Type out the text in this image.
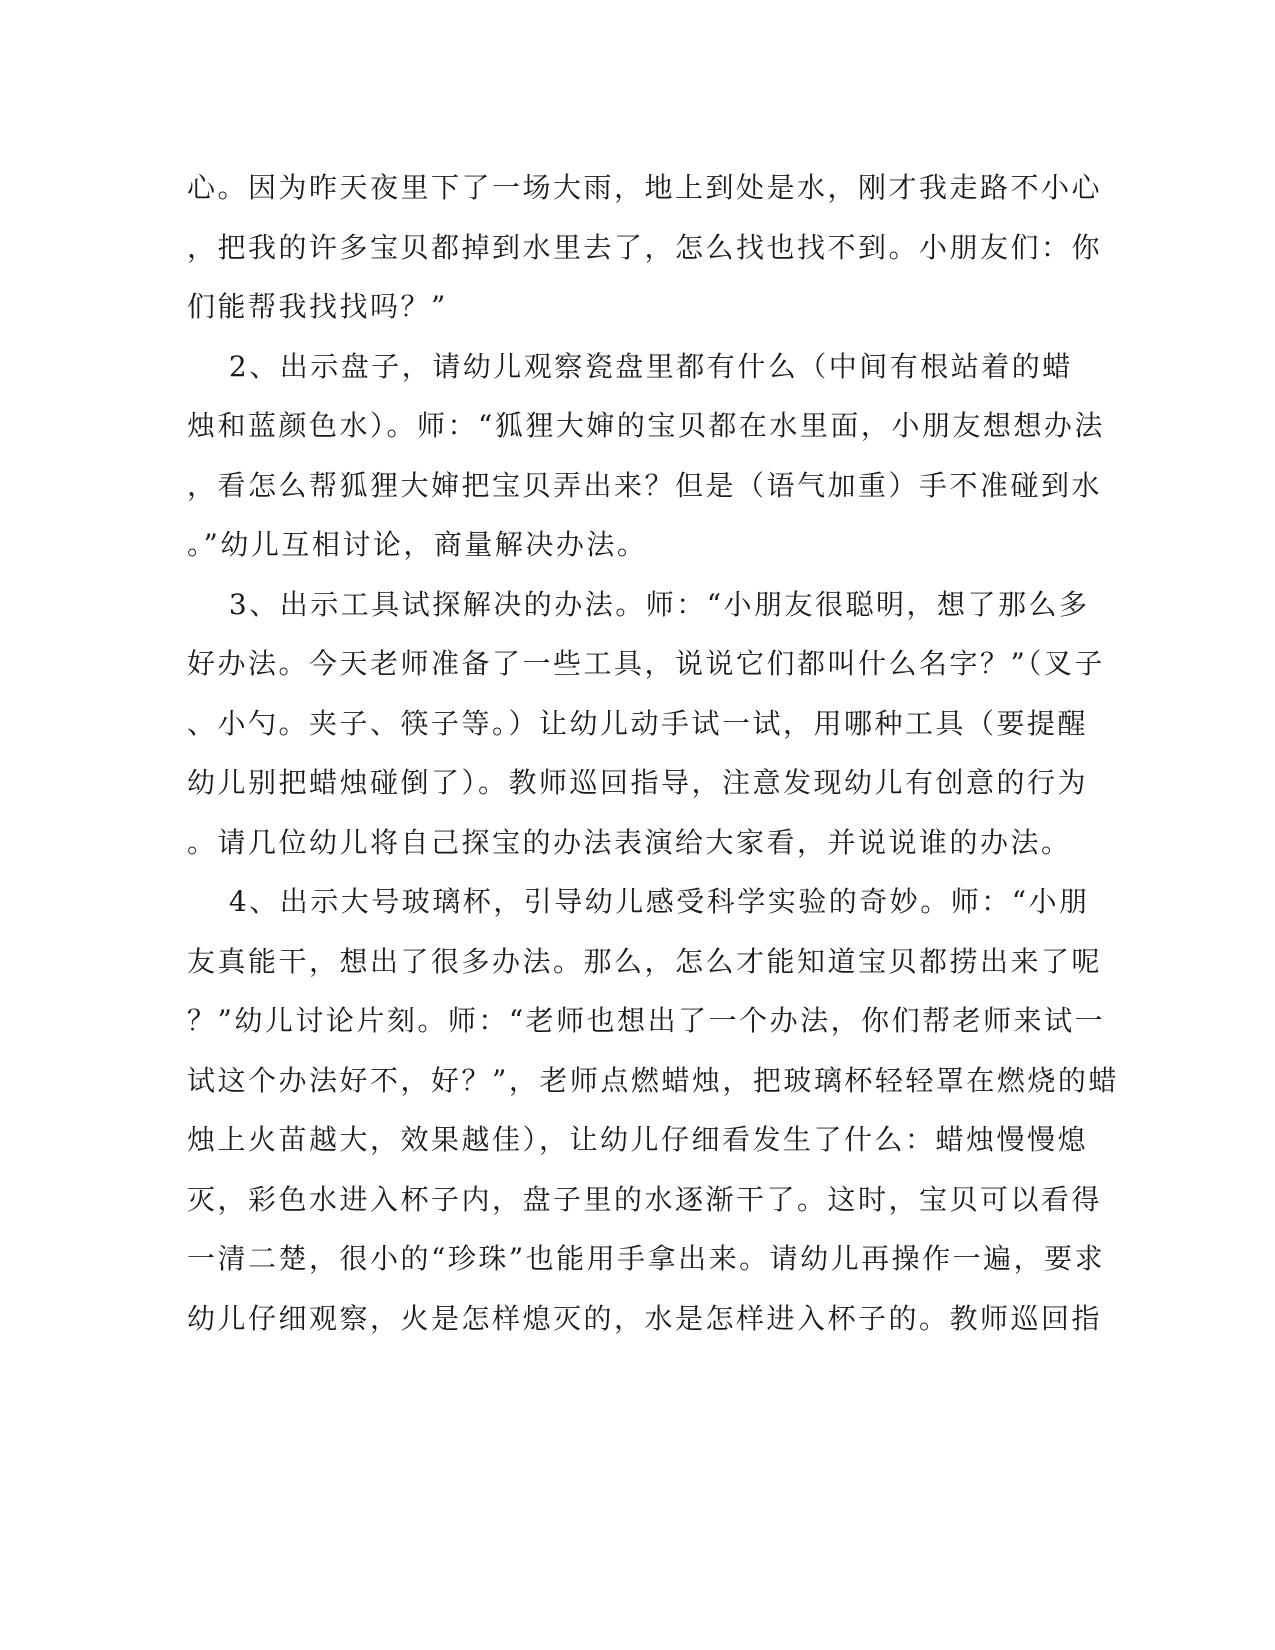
心。因为昨天夜里下了一场大雨，地上到处是水，刚才我走路不小心
，把我的许多宝贝都掉到水里去了，怎么找也找不到。小朋友们：你
们能帮我找找吗？”
　 2、出示盘子，请幼儿观察瓷盘里都有什么（中间有根站着的蜡
烛和蓝颜色水）。师：“狐狸大婶的宝贝都在水里面，小朋友想想办法
，看怎么帮狐狸大婶把宝贝弄出来？但是（语气加重）手不准碰到水
。”幼儿互相讨论，商量解决办法。
　 3、出示工具试探解决的办法。师：“小朋友很聪明，想了那么多
好办法。今天老师准备了一些工具，说说它们都叫什么名字？”（叉子
、小勺。夹子、筷子等。）让幼儿动手试一试，用哪种工具（要提醒
幼儿别把蜡烛碰倒了）。教师巡回指导，注意发现幼儿有创意的行为
。请几位幼儿将自己探宝的办法表演给大家看，并说说谁的办法。
　 4、出示大号玻璃杯，引导幼儿感受科学实验的奇妙。师：“小朋
友真能干，想出了很多办法。那么，怎么才能知道宝贝都捞出来了呢
？”幼儿讨论片刻。师：“老师也想出了一个办法，你们帮老师来试一
试这个办法好不，好？”，老师点燃蜡烛，把玻璃杯轻轻罩在燃烧的蜡
烛上火苗越大，效果越佳），让幼儿仔细看发生了什么：蜡烛慢慢熄
灭，彩色水进入杯子内，盘子里的水逐渐干了。这时，宝贝可以看得
一清二楚，很小的“珍珠”也能用手拿出来。请幼儿再操作一遍，要求
幼儿仔细观察，火是怎样熄灭的，水是怎样进入杯子的。教师巡回指
